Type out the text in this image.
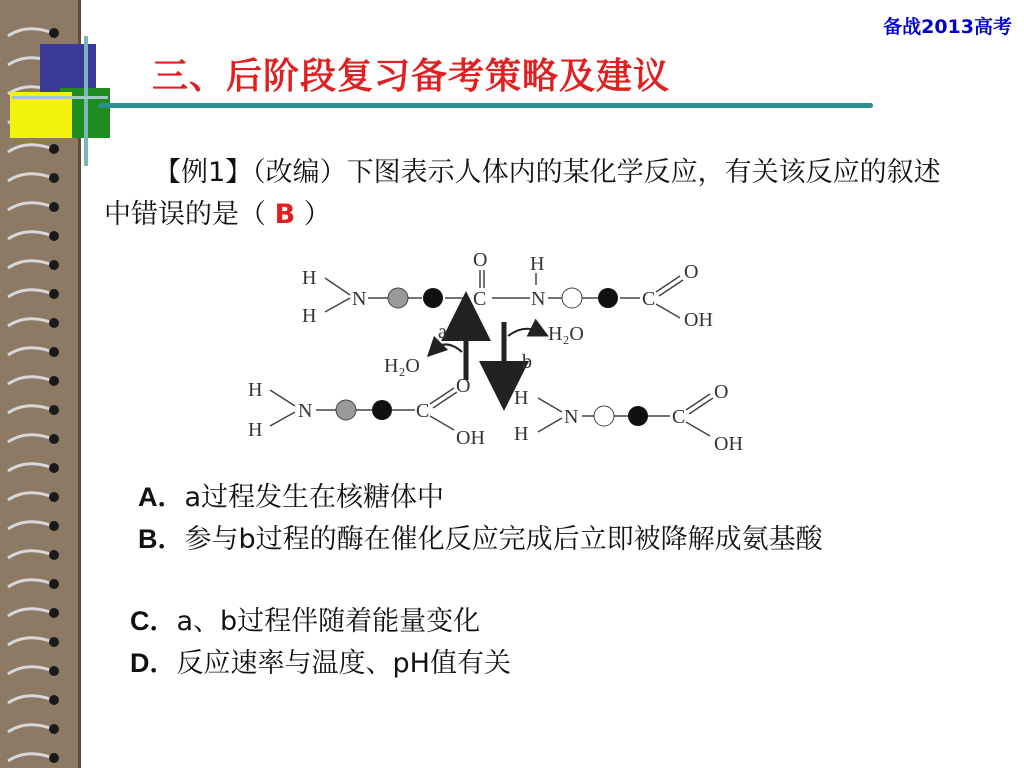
备战2013高考
三、后阶段复习备考策略及建议
【例1】（改编）下图表示人体内的某化学反应，有关该反应的叙述中错误的是（ B ）
H
H
N	C
O H
N	C
O
OH
a
b
H₂O
H₂O
H
H
N	C
O
OH
H
H
N	C
O
OH
A．a过程发生在核糖体中
B．参与b过程的酶在催化反应完成后立即被降解成氨基酸
C．a、b过程伴随着能量变化
D．反应速率与温度、pH值有关
